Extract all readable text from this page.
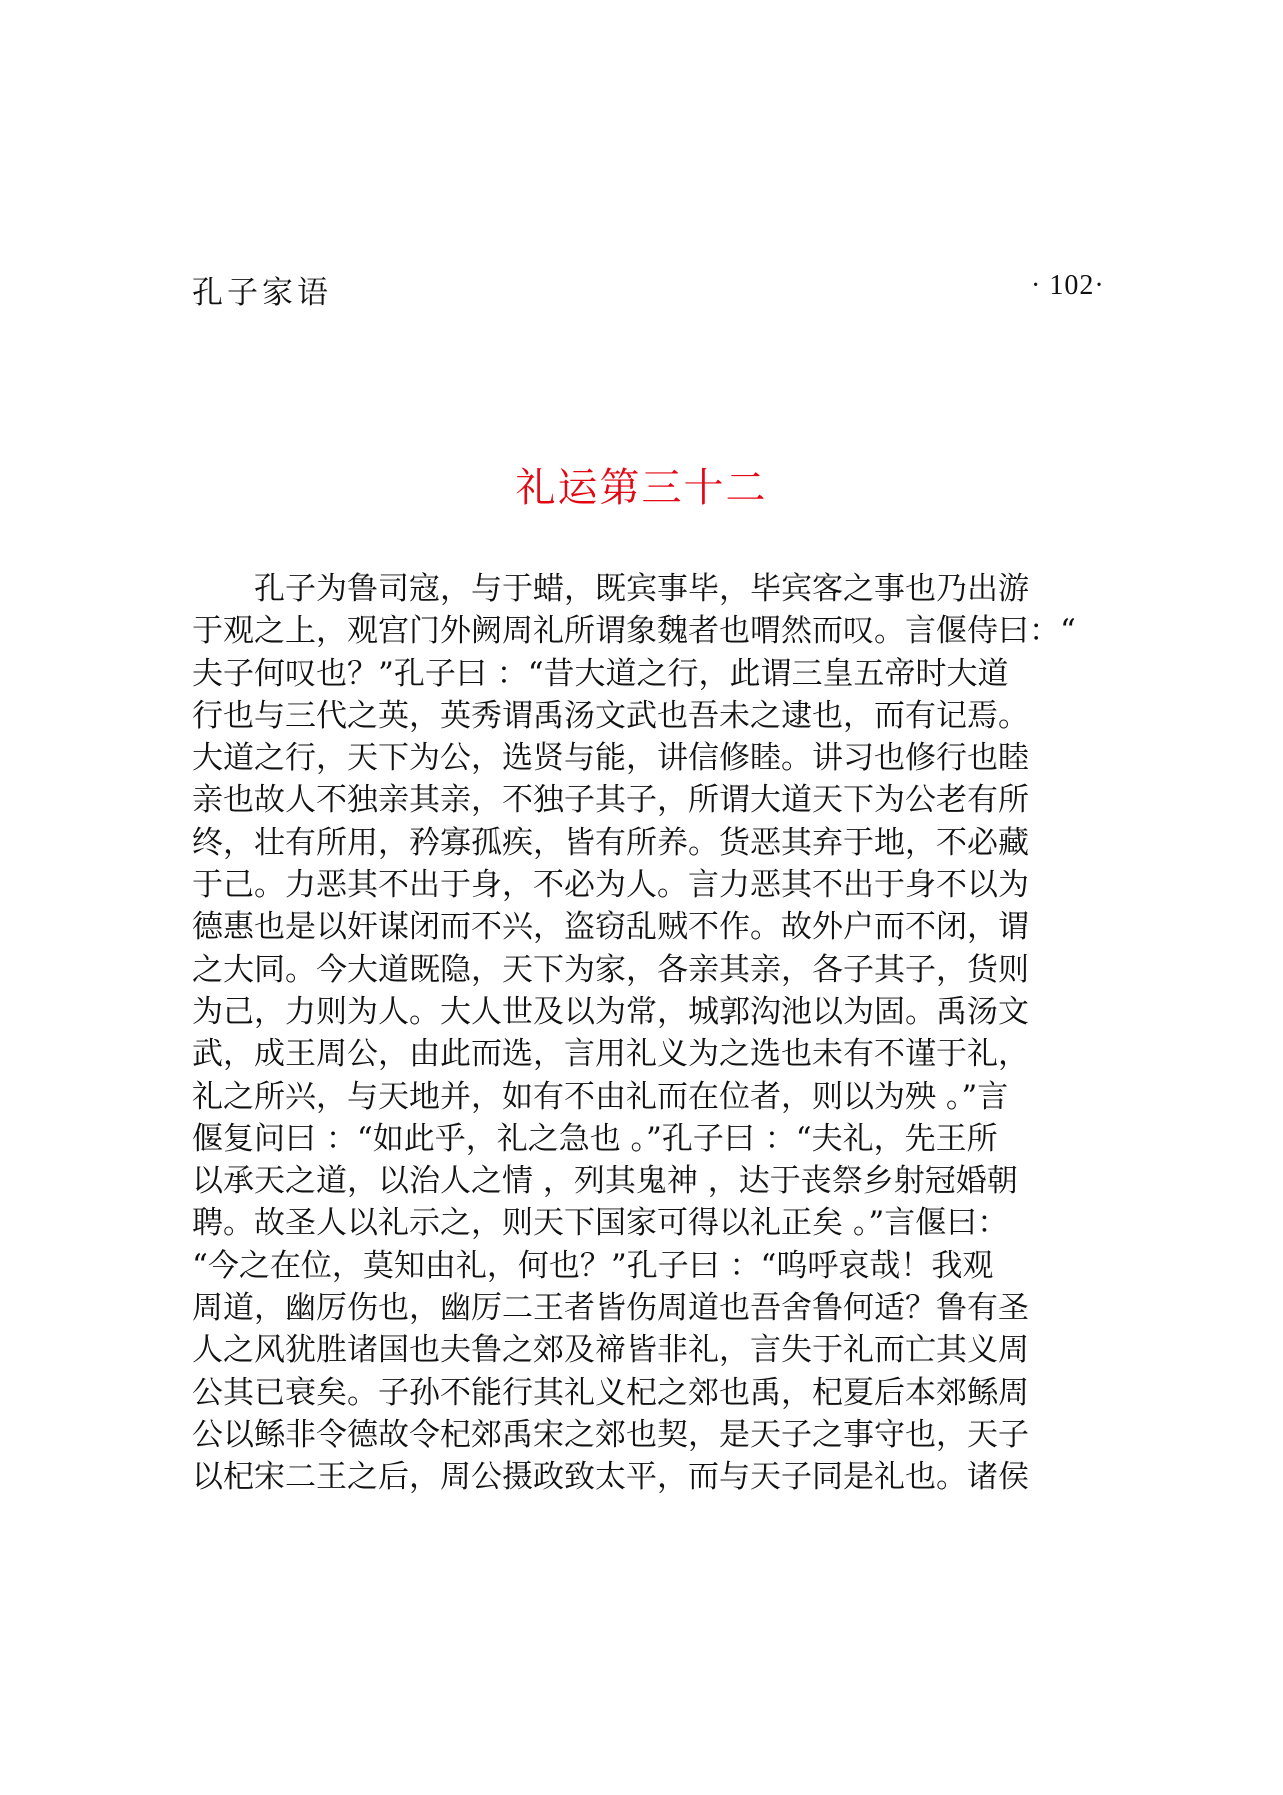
孔子家语	· 102·
礼运第三十二
　　孔子为鲁司寇，与于蜡，既宾事毕，毕宾客之事也乃出游
于观之上，观宫门外阙周礼所谓象魏者也喟然而叹。言偃侍曰：“
夫子何叹也？”孔子曰 ：“昔大道之行，此谓三皇五帝时大道
行也与三代之英，英秀谓禹汤文武也吾未之逮也，而有记焉。
大道之行，天下为公，选贤与能，讲信修睦。讲习也修行也睦
亲也故人不独亲其亲，不独子其子，所谓大道天下为公老有所
终，壮有所用，矜寡孤疾，皆有所养。货恶其弃于地，不必藏
于己。力恶其不出于身，不必为人。言力恶其不出于身不以为
德惠也是以奸谋闭而不兴，盗窃乱贼不作。故外户而不闭，谓
之大同。今大道既隐，天下为家，各亲其亲，各子其子，货则
为己，力则为人。大人世及以为常，城郭沟池以为固。禹汤文
武，成王周公，由此而选，言用礼义为之选也未有不谨于礼，
礼之所兴，与天地并，如有不由礼而在位者，则以为殃 。”言
偃复问曰 ：“如此乎，礼之急也 。”孔子曰 ：“夫礼，先王所
以承天之道，以治人之情 ，列其鬼神 ，达于丧祭乡射冠婚朝
聘。故圣人以礼示之，则天下国家可得以礼正矣 。”言偃曰：
“今之在位，莫知由礼，何也？”孔子曰 ：“呜呼哀哉！我观
周道，幽厉伤也，幽厉二王者皆伤周道也吾舍鲁何适？鲁有圣
人之风犹胜诸国也夫鲁之郊及禘皆非礼，言失于礼而亡其义周
公其已衰矣。子孙不能行其礼义杞之郊也禹，杞夏后本郊鲧周
公以鲧非令德故令杞郊禹宋之郊也契，是天子之事守也，天子
以杞宋二王之后，周公摄政致太平，而与天子同是礼也。诸侯
